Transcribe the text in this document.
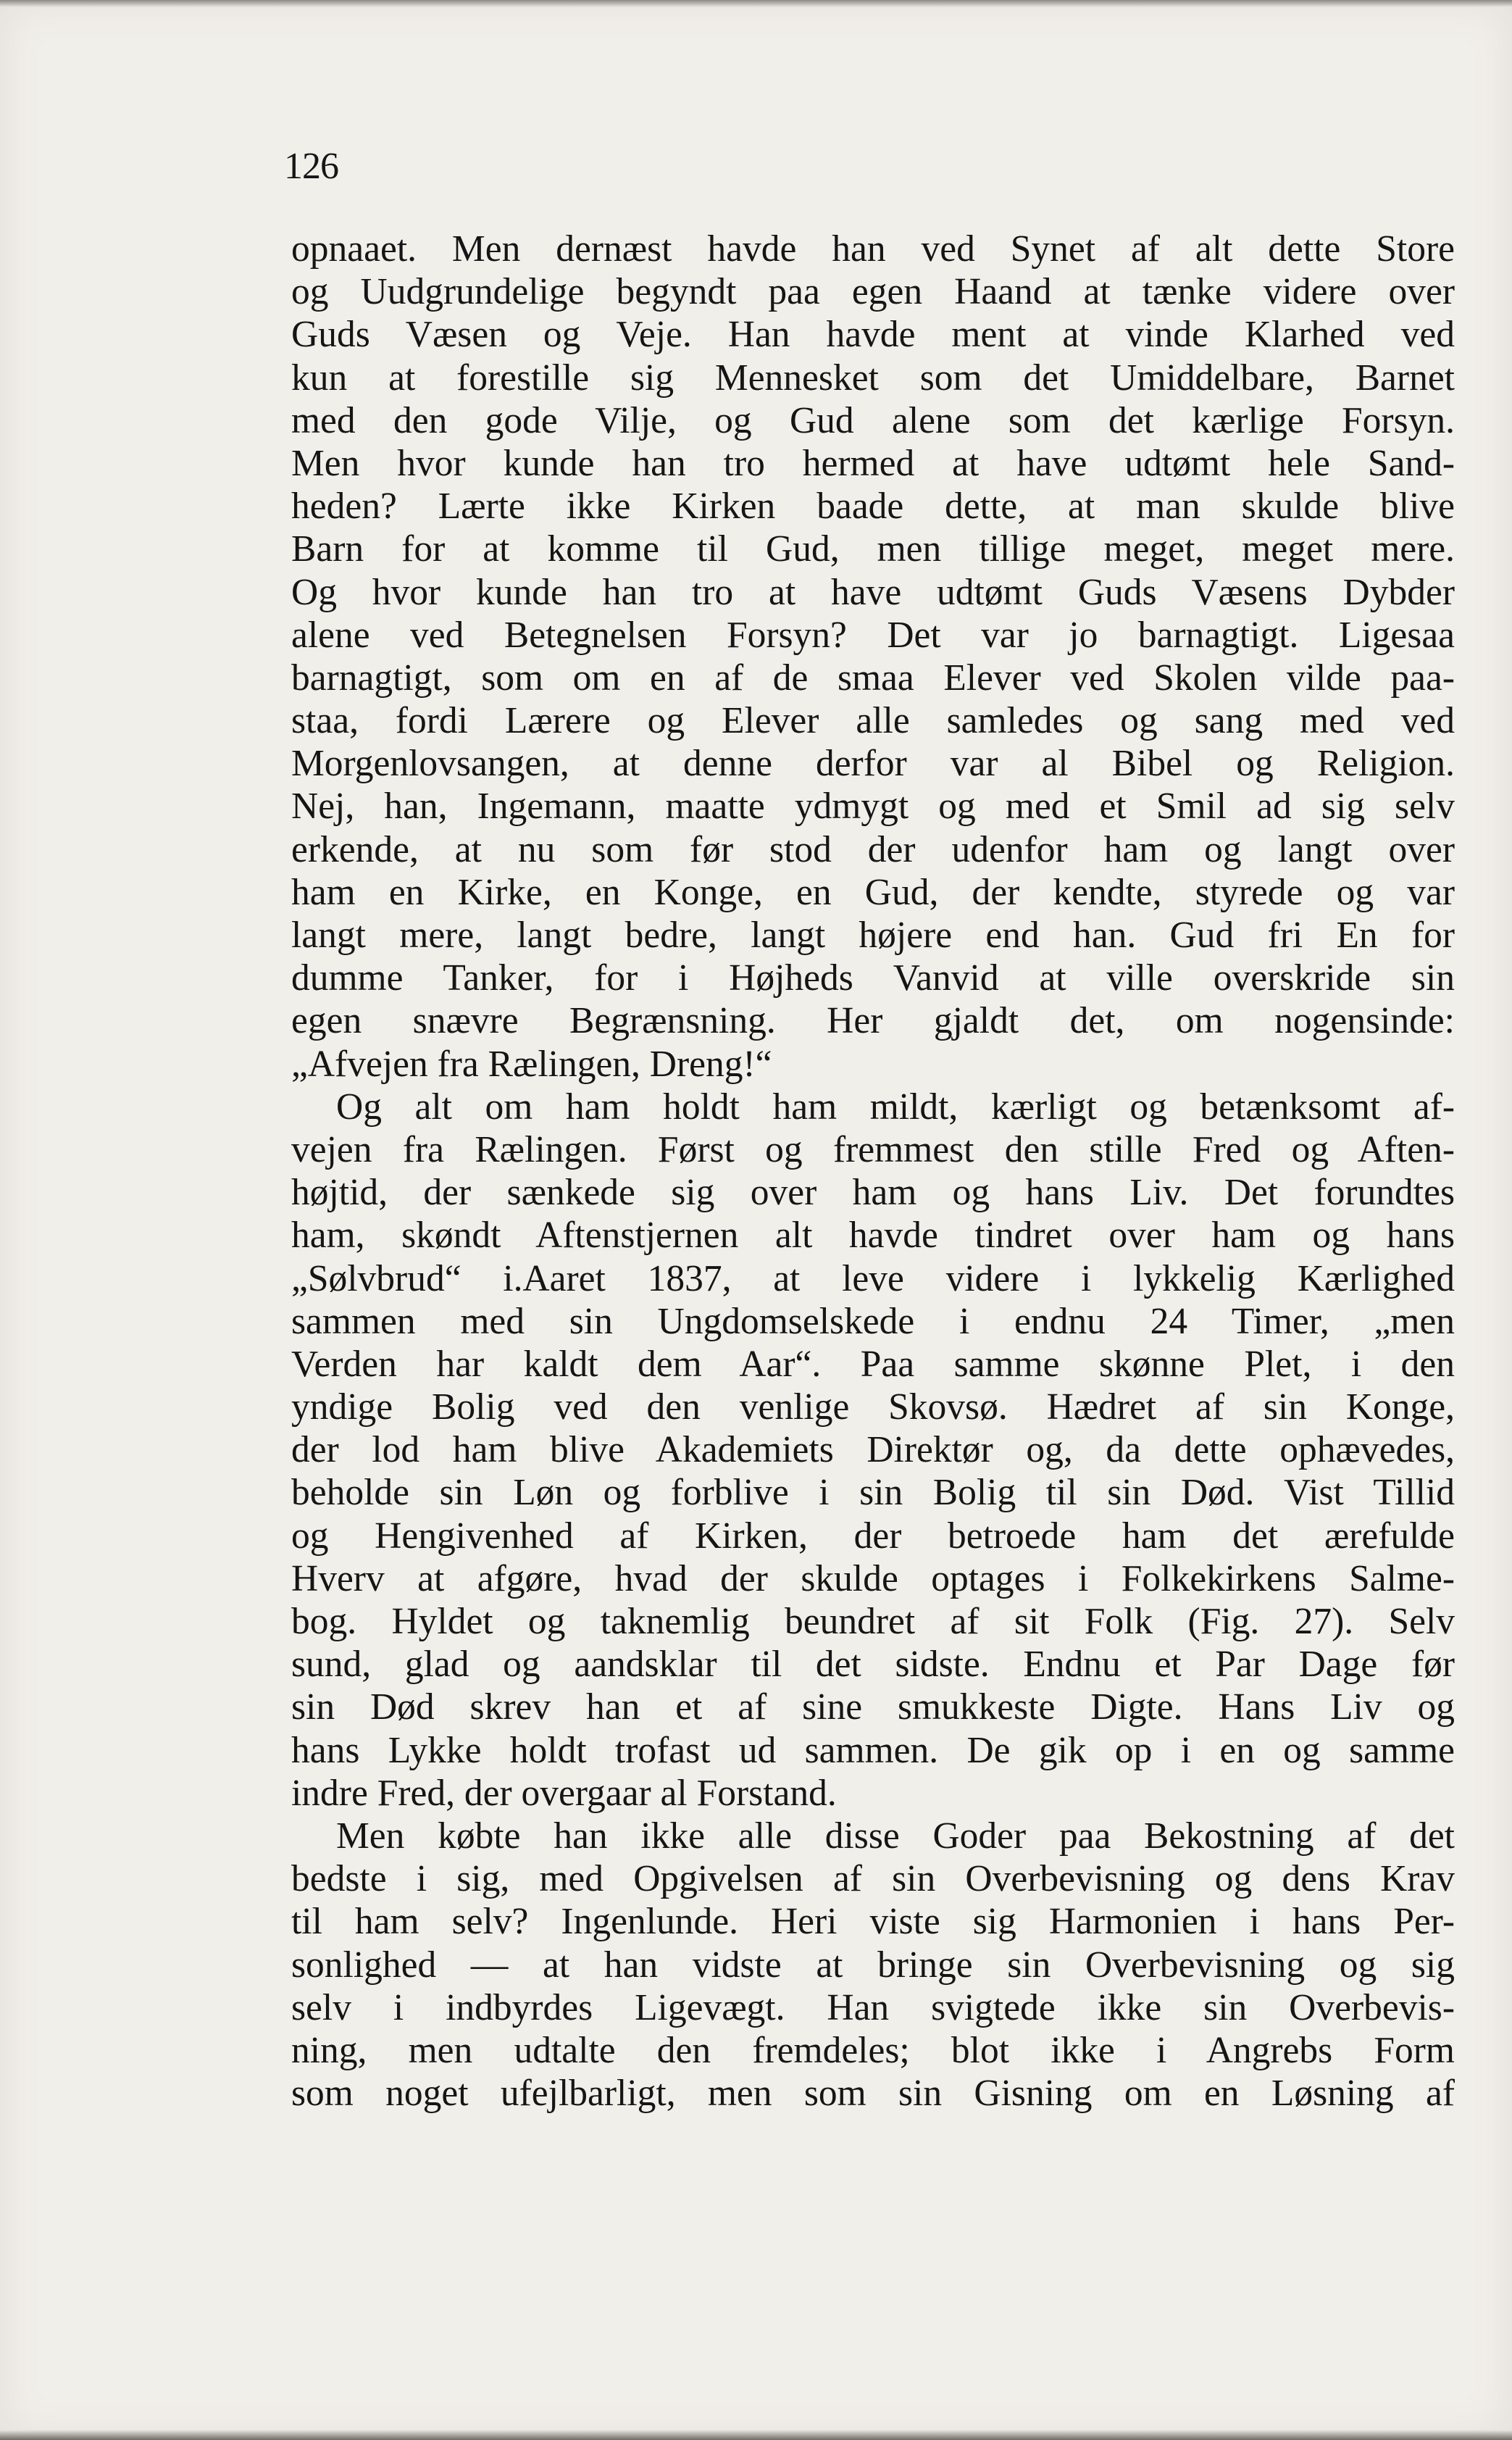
126
opnaaet. Men dernæst havde han ved Synet af alt dette Store
og Uudgrundelige begyndt paa egen Haand at tænke videre over
Guds Væsen og Veje. Han havde ment at vinde Klarhed ved
kun at forestille sig Mennesket som det Umiddelbare, Barnet
med den gode Vilje, og Gud alene som det kærlige Forsyn.
Men hvor kunde han tro hermed at have udtømt hele Sand-
heden? Lærte ikke Kirken baade dette, at man skulde blive
Barn for at komme til Gud, men tillige meget, meget mere.
Og hvor kunde han tro at have udtømt Guds Væsens Dybder
alene ved Betegnelsen Forsyn? Det var jo barnagtigt. Ligesaa
barnagtigt, som om en af de smaa Elever ved Skolen vilde paa-
staa, fordi Lærere og Elever alle samledes og sang med ved
Morgenlovsangen, at denne derfor var al Bibel og Religion.
Nej, han, Ingemann, maatte ydmygt og med et Smil ad sig selv
erkende, at nu som før stod der udenfor ham og langt over
ham en Kirke, en Konge, en Gud, der kendte, styrede og var
langt mere, langt bedre, langt højere end han. Gud fri En for
dumme Tanker, for i Højheds Vanvid at ville overskride sin
egen snævre Begrænsning. Her gjaldt det, om nogensinde:
„Afvejen fra Rælingen, Dreng!“
Og alt om ham holdt ham mildt, kærligt og betænksomt af-
vejen fra Rælingen. Først og fremmest den stille Fred og Aften-
højtid, der sænkede sig over ham og hans Liv. Det forundtes
ham, skøndt Aftenstjernen alt havde tindret over ham og hans
„Sølvbrud“ i.Aaret 1837, at leve videre i lykkelig Kærlighed
sammen med sin Ungdomselskede i endnu 24 Timer, „men
Verden har kaldt dem Aar“. Paa samme skønne Plet, i den
yndige Bolig ved den venlige Skovsø. Hædret af sin Konge,
der lod ham blive Akademiets Direktør og, da dette ophævedes,
beholde sin Løn og forblive i sin Bolig til sin Død. Vist Tillid
og Hengivenhed af Kirken, der betroede ham det ærefulde
Hverv at afgøre, hvad der skulde optages i Folkekirkens Salme-
bog. Hyldet og taknemlig beundret af sit Folk (Fig. 27). Selv
sund, glad og aandsklar til det sidste. Endnu et Par Dage før
sin Død skrev han et af sine smukkeste Digte. Hans Liv og
hans Lykke holdt trofast ud sammen. De gik op i en og samme
indre Fred, der overgaar al Forstand.
Men købte han ikke alle disse Goder paa Bekostning af det
bedste i sig, med Opgivelsen af sin Overbevisning og dens Krav
til ham selv? Ingenlunde. Heri viste sig Harmonien i hans Per-
sonlighed — at han vidste at bringe sin Overbevisning og sig
selv i indbyrdes Ligevægt. Han svigtede ikke sin Overbevis-
ning, men udtalte den fremdeles; blot ikke i Angrebs Form
som noget ufejlbarligt, men som sin Gisning om en Løsning af
